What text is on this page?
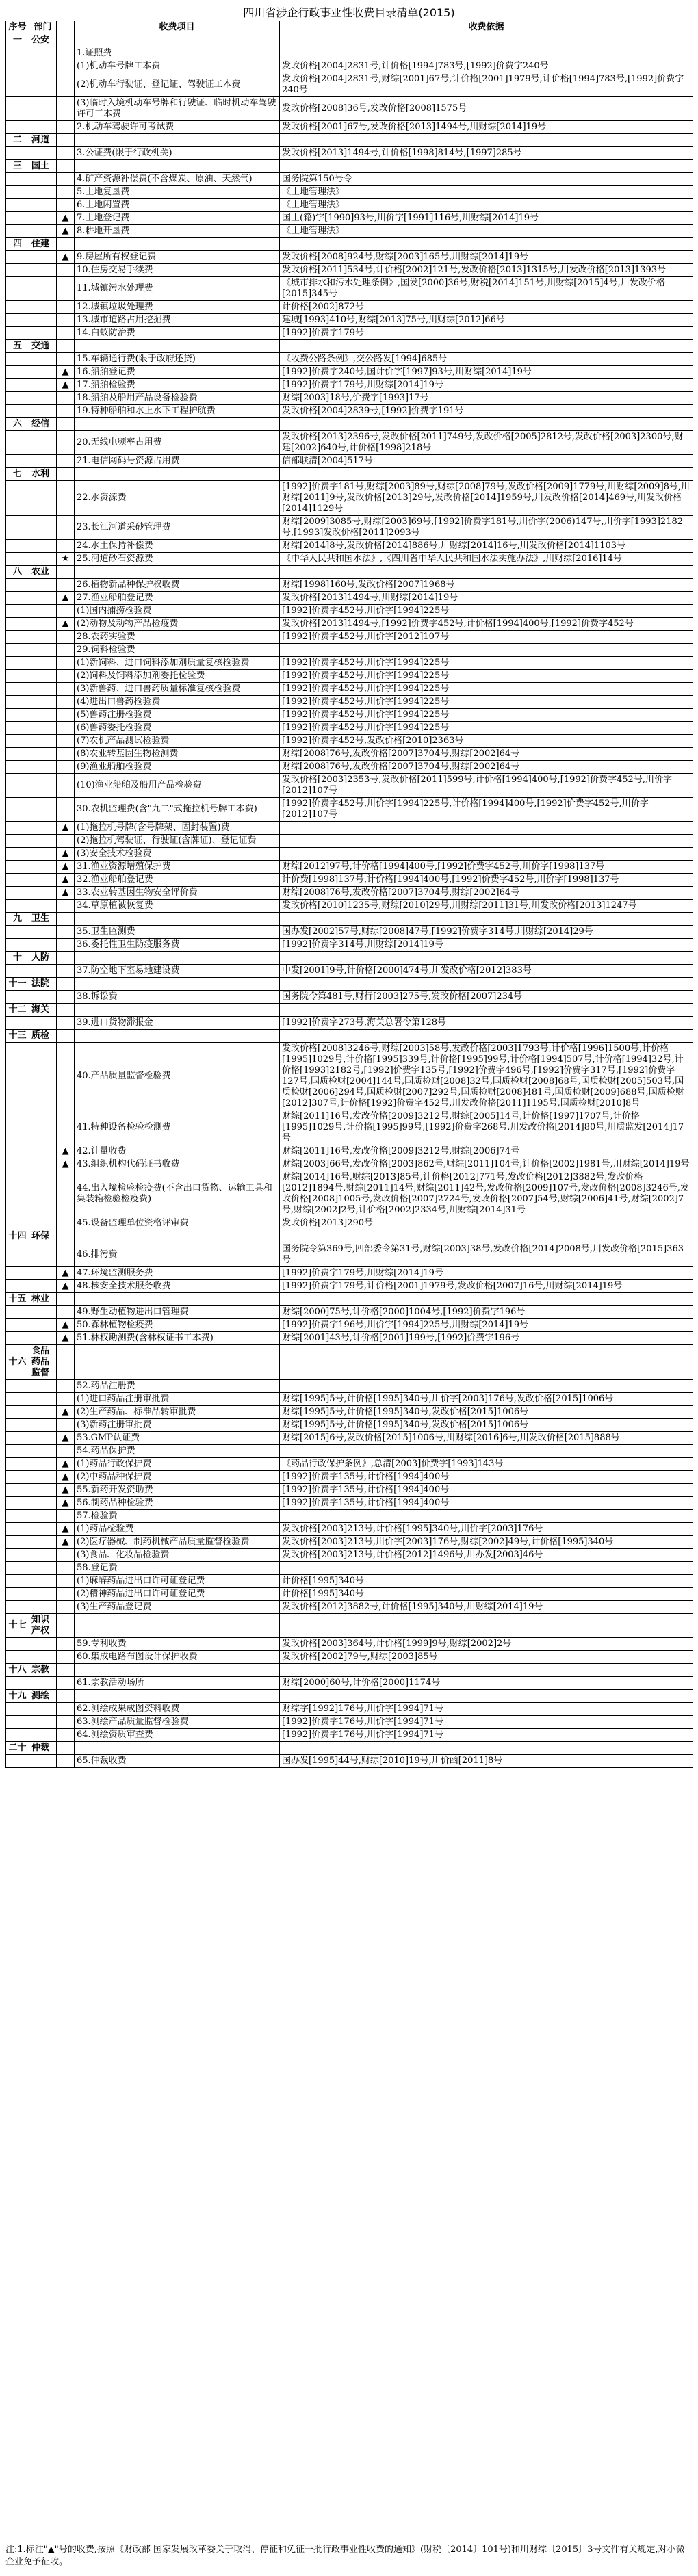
四川省涉企行政事业性收费目录清单(2015)
序号	部门		收费项目	收费依据
一	公安			
			1.证照费	
			(1)机动车号牌工本费	发改价格[2004]2831号,计价格[1994]783号,[1992]价费字240号
			(2)机动车行驶证、登记证、驾驶证工本费	发改价格[2004]2831号,财综[2001]67号,计价格[2001]1979号,计价格[1994]783号,[1992]价费字240号
			(3)临时入境机动车号牌和行驶证、临时机动车驾驶许可工本费	发改价格[2008]36号,发改价格[2008]1575号
			2.机动车驾驶许可考试费	发改价格[2001]67号,发改价格[2013]1494号,川财综[2014]19号
二	河道			
			3.公证费(限于行政机关)	发改价格[2013]1494号,计价格[1998]814号,[1997]285号
三	国土			
			4.矿产资源补偿费(不含煤炭、原油、天然气)	国务院第150号令
			5.土地复垦费	《土地管理法》
			6.土地闲置费	《土地管理法》
		▲	7.土地登记费	国土(籍)字[1990]93号,川价字[1991]116号,川财综[2014]19号
		▲	8.耕地开垦费	《土地管理法》
四	住建			
		▲	9.房屋所有权登记费	发改价格[2008]924号,财综[2003]165号,川财综[2014]19号
			10.住房交易手续费	发改价格[2011]534号,计价格[2002]121号,发改价格[2013]1315号,川发改价格[2013]1393号
			11.城镇污水处理费	《城市排水和污水处理条例》,国发[2000]36号,财税[2014]151号,川财综[2015]4号,川发改价格[2015]345号
			12.城镇垃圾处理费	计价格[2002]872号
			13.城市道路占用挖掘费	建城[1993]410号,财综[2013]75号,川财综[2012]66号
			14.白蚁防治费	[1992]价费字179号
五	交通			
			15.车辆通行费(限于政府还贷)	《收费公路条例》,交公路发[1994]685号
		▲	16.船舶登记费	[1992]价费字240号,国计价字[1997]93号,川财综[2014]19号
		▲	17.船舶检验费	[1992]价费字179号,川财综[2014]19号
			18.船舶及船用产品设备检验费	财综[2003]18号,价费字[1993]17号
			19.特种船舶和水上水下工程护航费	发改价格[2004]2839号,[1992]价费字191号
六	经信			
			20.无线电频率占用费	发改价格[2013]2396号,发改价格[2011]749号,发改价格[2005]2812号,发改价格[2003]2300号,财建[2002]640号,计价格[1998]218号
			21.电信网码号资源占用费	信部联清[2004]517号
七	水利			
			22.水资源费	[1992]价费字181号,财综[2003]89号,财综[2008]79号,发改价格[2009]1779号,川财综[2009]8号,川财综[2011]9号,发改价格[2013]29号,发改价格[2014]1959号,川发改价格[2014]469号,川发改价格[2014]1129号
			23.长江河道采砂管理费	财综[2009]3085号,财综[2003]69号,[1992]价费字181号,川价字(2006)147号,川价字[1993]2182号,[1993]发改价格[2011]2093号
			24.水土保持补偿费	财综[2014]8号,发改价格[2014]886号,川财综[2014]16号,川发改价格[2014]1103号
		★	25.河道砂石资源费	《中华人民共和国水法》,《四川省中华人民共和国水法实施办法》,川财综[2016]14号
八	农业			
			26.植物新品种保护权收费	财综[1998]160号,发改价格[2007]1968号
		▲	27.渔业船舶登记费	发改价格[2013]1494号,川财综[2014]19号
			(1)国内捕捞检验费	[1992]价费字452号,川价字[1994]225号
		▲	(2)动物及动物产品检疫费	发改价格[2013]1494号,[1992]价费字452号,计价格[1994]400号,[1992]价费字452号
			28.农药实验费	[1992]价费字452号,川价字[2012]107号
			29.饲料检验费	
			(1)新饲料、进口饲料添加剂质量复核检验费	[1992]价费字452号,川价字[1994]225号
			(2)饲料及饲料添加剂委托检验费	[1992]价费字452号,川价字[1994]225号
			(3)新兽药、进口兽药质量标准复核检验费	[1992]价费字452号,川价字[1994]225号
			(4)进出口兽药检验费	[1992]价费字452号,川价字[1994]225号
			(5)兽药注册检验费	[1992]价费字452号,川价字[1994]225号
			(6)兽药委托检验费	[1992]价费字452号,川价字[1994]225号
			(7)农机产品测试检验费	[1992]价费字452号,发改价格[2010]2363号
			(8)农业转基因生物检测费	财综[2008]76号,发改价格[2007]3704号,财综[2002]64号
			(9)渔业船舶检验费	财综[2008]76号,发改价格[2007]3704号,财综[2002]64号
			(10)渔业船舶及船用产品检验费	发改价格[2003]2353号,发改价格[2011]599号,计价格[1994]400号,[1992]价费字452号,川价字[2012]107号
			30.农机监理费(含"九二"式拖拉机号牌工本费)	[1992]价费字452号,川价字[1994]225号,计价格[1994]400号,[1992]价费字452号,川价字[2012]107号
		▲	(1)拖拉机号牌(含号牌架、固封装置)费	
			(2)拖拉机驾驶证、行驶证(含牌证)、登记证费	
		▲	(3)安全技术检验费	
		▲	31.渔业资源增殖保护费	财综[2012]97号,计价格[1994]400号,[1992]价费字452号,川价字[1998]137号
		▲	32.渔业船舶登记费	计价费[1998]137号,计价格[1994]400号,[1992]价费字452号,川价字[1998]137号
		▲	33.农业转基因生物安全评价费	财综[2008]76号,发改价格[2007]3704号,财综[2002]64号
			34.草原植被恢复费	发改价格[2010]1235号,财综[2010]29号,川财综[2011]31号,川发改价格[2013]1247号
九	卫生			
			35.卫生监测费	国办发[2002]57号,财综[2008]47号,[1992]价费字314号,川财综[2014]29号
			36.委托性卫生防疫服务费	[1992]价费字314号,川财综[2014]19号
十	人防			
			37.防空地下室易地建设费	中发[2001]9号,计价格[2000]474号,川发改价格[2012]383号
十一	法院			
			38.诉讼费	国务院令第481号,财行[2003]275号,发改价格[2007]234号
十二	海关			
			39.进口货物滞报金	[1992]价费字273号,海关总署令第128号
十三	质检			
			40.产品质量监督检验费	发改价格[2008]3246号,财综[2003]58号,发改价格[2003]1793号,计价格[1996]1500号,计价格[1995]1029号,计价格[1995]339号,计价格[1995]99号,计价格[1994]507号,计价格[1994]32号,计价格[1993]2182号,[1992]价费字135号,[1992]价费字496号,[1992]价费字317号,[1992]价费字127号,国质检财[2004]144号,国质检财[2008]32号,国质检财[2008]68号,国质检财[2005]503号,国质检财[2006]294号,国质检财[2007]292号,国质检财[2008]481号,国质检财[2009]688号,国质检财[2012]307号,计价格[1992]价费字452号,川发改价格[2011]1195号,国质检财[2010]8号
			41.特种设备检验检测费	财综[2011]16号,发改价格[2009]3212号,财综[2005]14号,计价格[1997]1707号,计价格[1995]1029号,计价格[1995]99号,[1992]价费字268号,川发改价格[2014]80号,川质监发[2014]17号
		▲	42.计量收费	财综[2011]16号,发改价格[2009]3212号,财综[2006]74号
		▲	43.组织机构代码证书收费	财综[2003]66号,发改价格[2003]862号,财综[2011]104号,计价格[2002]1981号,川财综[2014]19号
			44.出入境检验检疫费(不含出口货物、运输工具和集装箱检验检疫费)	财综[2014]16号,财综[2013]85号,计价格[2012]771号,发改价格[2012]3882号,发改价格[2012]1894号,财综[2011]14号,财综[2011]42号,发改价格[2009]107号,发改价格[2008]3246号,发改价格[2008]1005号,发改价格[2007]2724号,发改价格[2007]54号,财综[2006]41号,财综[2002]7号,财综[2002]2号,计价格[2002]2334号,川财综[2014]31号
			45.设备监理单位资格评审费	发改价格[2013]290号
十四	环保			
			46.排污费	国务院令第369号,四部委令第31号,财综[2003]38号,发改价格[2014]2008号,川发改价格[2015]363号
		▲	47.环境监测服务费	[1992]价费字179号,川财综[2014]19号
		▲	48.核安全技术服务收费	[1992]价费字179号,计价格[2001]1979号,发改价格[2007]16号,川财综[2014]19号
十五	林业			
			49.野生动植物进出口管理费	财综[2000]75号,计价格[2000]1004号,[1992]价费字196号
		▲	50.森林植物检疫费	[1992]价费字196号,川价字[1994]225号,川财综[2014]19号
		▲	51.林权勘测费(含林权证书工本费)	财综[2001]43号,计价格[2001]199号,[1992]价费字196号
十六	食品药品监督			
			52.药品注册费	
			(1)进口药品注册审批费	财综[1995]5号,计价格[1995]340号,川价字[2003]176号,发改价格[2015]1006号
		▲	(2)生产药品、标准品转审批费	财综[1995]5号,计价格[1995]340号,发改价格[2015]1006号
			(3)新药注册审批费	财综[1995]5号,计价格[1995]340号,发改价格[2015]1006号
		▲	53.GMP认证费	财综[2015]6号,发改价格[2015]1006号,川财综[2016]6号,川发改价格[2015]888号
			54.药品保护费	
		▲	(1)药品行政保护费	《药品行政保护条例》,总清[2003]价费字[1993]143号
		▲	(2)中药品种保护费	[1992]价费字135号,计价格[1994]400号
		▲	55.新药开发资助费	[1992]价费字135号,计价格[1994]400号
		▲	56.制药品种检验费	[1992]价费字135号,计价格[1994]400号
			57.检验费	
		▲	(1)药品检验费	发改价格[2003]213号,计价格[1995]340号,川价字[2003]176号
		▲	(2)医疗器械、制药机械产品质量监督检验费	发改价格[2003]213号,川价字[2003]176号,财综[2002]49号,计价格[1995]340号
			(3)食品、化妆品检验费	发改价格[2003]213号,计价格[2012]1496号,川办发[2003]46号
			58.登记费	
			(1)麻醉药品进出口许可证登记费	计价格[1995]340号
			(2)精神药品进出口许可证登记费	计价格[1995]340号
			(3)生产药品登记费	发改价格[2012]3882号,计价格[1995]340号,川财综[2014]19号
十七	知识产权			
			59.专利收费	发改价格[2003]364号,计价格[1999]9号,财综[2002]2号
			60.集成电路布图设计保护收费	发改价格[2002]79号,财综[2003]85号
十八	宗教			
			61.宗教活动场所	财综[2000]60号,计价格[2000]1174号
十九	测绘			
			62.测绘成果成图资料收费	财综字[1992]176号,川价字[1994]71号
			63.测绘产品质量监督检验费	[1992]价费字176号,川价字[1994]71号
			64.测绘资质审查费	[1992]价费字176号,川价字[1994]71号
二十	仲裁			
			65.仲裁收费	国办发[1995]44号,财综[2010]19号,川价函[2011]8号
注:1.标注"▲"号的收费,按照《财政部 国家发展改革委关于取消、停征和免征一批行政事业性收费的通知》(财税〔2014〕101号)和川财综〔2015〕3号文件有关规定,对小微企业免予征收。
